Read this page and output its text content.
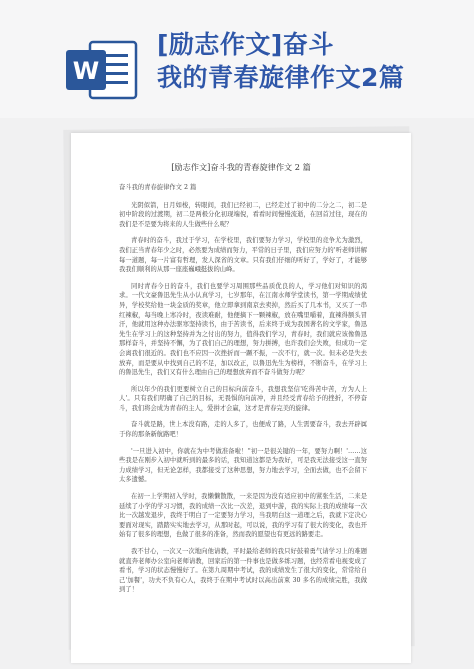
W
[励志作文]奋斗
我的青春旋律作文2篇
[励志作文]奋斗我的青春旋律作文 2 篇

奋斗我的青春旋律作文 2 篇

光阴似箭，日月如梭，转眼间，我们已经初二，已经走过了初中的二分之二，初二是初中阶段的过渡期，初二是两极分化初现端倪，看看时间慢慢流逝，在回首过往，现在的我们是不是要为将来的人生做些什么呢？

青春时的奋斗，我过于学习，在学校里，我们要努力学习，学校里的竞争尤为激烈，我们正当青春年少之时，必然要为成绩而努力，平常的日子里，我们应努力的'听老师讲解每一道题，每一片富有哲理，发人深省的文章。只有我们仔细的听好了，学好了，才能够我我们顺利的从那一座座巍峨挺拔的山峰。

同时青春今日的奋斗，我们也要学习周围那些品质优良的人，学习他们对知识的渴求。一代文豪鲁迅先生从小认真学习，七岁那年，在江南水师学堂读书，第一学期成绩优异，学校奖给他一块金质的奖章，他立即拿到南京去卖掉，然后买了几本书，又买了一串红辣椒，每当晚上寒冷时，夜读难耐，他便摘下一颗辣椒，放在嘴里嚼着，直辣得额头冒汗，他就用这种办法驱寒坚持读书，由于苦读书，后来终于成为我国著名的文学家，鲁迅先生在学习上的这种坚持并为之付出的努力，值得我们学习，青春时，我们就应该像鲁迅那样奋斗，并坚持不懈，为了我们自己的理想，努力拼搏，也许我们会失败，但成功一定会离我们很近的。我们也不应因一次挫折而一蹶不振，一次不行，就一次。但未必是失去放弃，而是要从中找到自己的不足，加以改正，以鲁迅先生为榜样，不断奋斗，在学习上的鲁迅先生，我们又有什么理由自己的理想放弃而不奋斗做努力呢？

所以年少的我们更要树立自己的目标向前奋斗，我想我坚信'吃得苦中苦，方为人上人'。只有我们明确了自己的目标，无畏惧的向前冲，并且经受青春给予的挫折，不停奋斗，我们将会成为青春的主人，爱拼才会赢，这才是青春完美的旋律。

奋斗就是路，世上本没有路，走的人多了，也便成了路，人生需要奋斗，我去开辟属于你的那条新航路吧！

'一旦进入初中，你就在为中考做准备啦！''初一是很关键的一年，要努力啊！'……这些我是在刚步入初中就听到的最多的话，我知道这都是为我好，可是我无法接受这一直努力成绩学习，但无论怎样，我都接受了这种思想，努力地去学习，全面去做，也不会留下太多遗憾。

在初一上学期初入学时，我懒懒散散，一来是因为没有适应初中的紧张生活，二来是延续了小学的学习习惯，我的成绩一次比一次差，退到中游，我的实际上我的成绩每一次比一次越发退步，我终于明白了一定要努力学习，当我明白这一道理之后，我就下定决心要面对现实，踏踏实实地去学习，从那时起，可以说，我的学习有了很大的变化，我也开始有了很多的理想，也做了很多的准备，然而我的愿望也有更远的路要走。

我不甘心，一次又一次地向他请教，平时最给老师的我只好鼓着勇气请学习上的难题就直奔老师办公室向老师请教，回家后的第一件事也是做多练习题，也经常看电视变成了看书，学习的状态慢慢好了。在第九周期中考试，我的成绩发生了很大的变化，常常给自己'加餐'，功夫不负有心人，我终于在期中考试时以高出前束 30 多名的成绩完胜，我做到了！
